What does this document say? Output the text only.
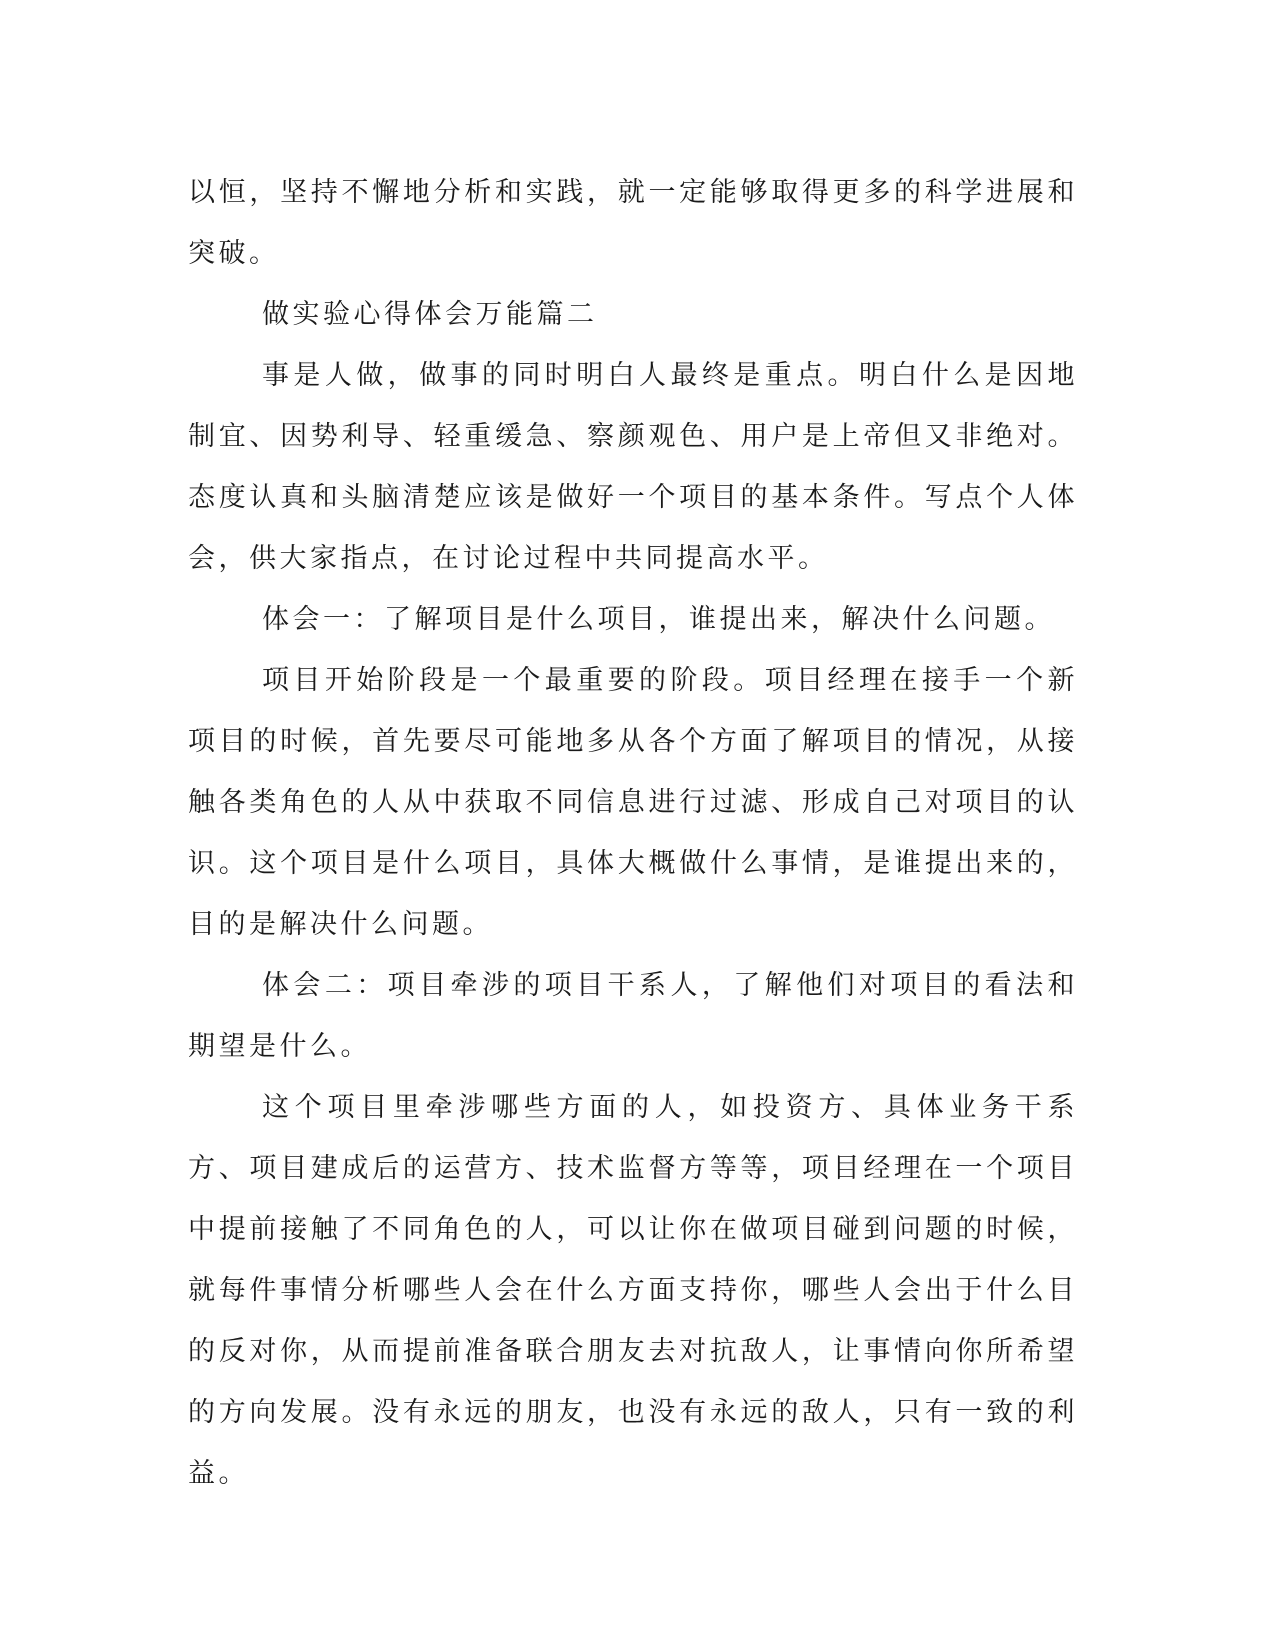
以恒，坚持不懈地分析和实践，就一定能够取得更多的科学进展和突破。

做实验心得体会万能篇二

事是人做，做事的同时明白人最终是重点。明白什么是因地制宜、因势利导、轻重缓急、察颜观色、用户是上帝但又非绝对。态度认真和头脑清楚应该是做好一个项目的基本条件。写点个人体会，供大家指点，在讨论过程中共同提高水平。

体会一：了解项目是什么项目，谁提出来，解决什么问题。

项目开始阶段是一个最重要的阶段。项目经理在接手一个新项目的时候，首先要尽可能地多从各个方面了解项目的情况，从接触各类角色的人从中获取不同信息进行过滤、形成自己对项目的认识。这个项目是什么项目，具体大概做什么事情，是谁提出来的，目的是解决什么问题。

体会二：项目牵涉的项目干系人，了解他们对项目的看法和期望是什么。

这个项目里牵涉哪些方面的人，如投资方、具体业务干系方、项目建成后的运营方、技术监督方等等，项目经理在一个项目中提前接触了不同角色的人，可以让你在做项目碰到问题的时候，就每件事情分析哪些人会在什么方面支持你，哪些人会出于什么目的反对你，从而提前准备联合朋友去对抗敌人，让事情向你所希望的方向发展。没有永远的朋友，也没有永远的敌人，只有一致的利益。
